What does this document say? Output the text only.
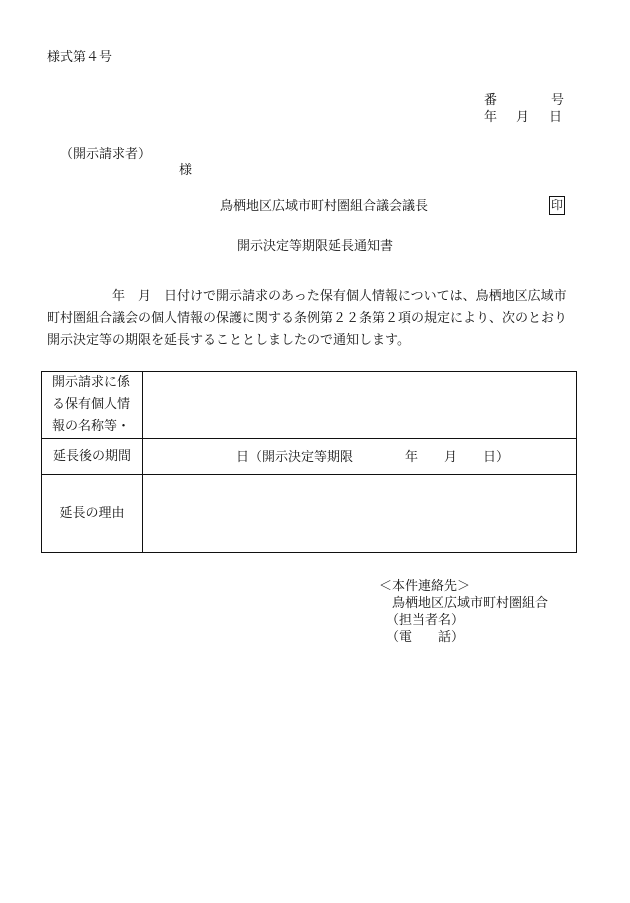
様式第４号
番	号
年 月 日
（開示請求者）
様
鳥栖地区広域市町村圏組合議会議長	印
開示決定等期限延長通知書

　　　　　年　月　日付けで開示請求のあった保有個人情報については、鳥栖地区広域市

町村圏組合議会の個人情報の保護に関する条例第２２条第２項の規定により、次のとおり

開示決定等の期限を延長することとしましたので通知します。

開示請求に係
る保有個人情
報の名称等・	

延長後の期間	日（開示決定等期限　　　　年　　月　　日）

延長の理由	
＜本件連絡先＞
鳥栖地区広域市町村圏組合
（担当者名）
（電　　話）
